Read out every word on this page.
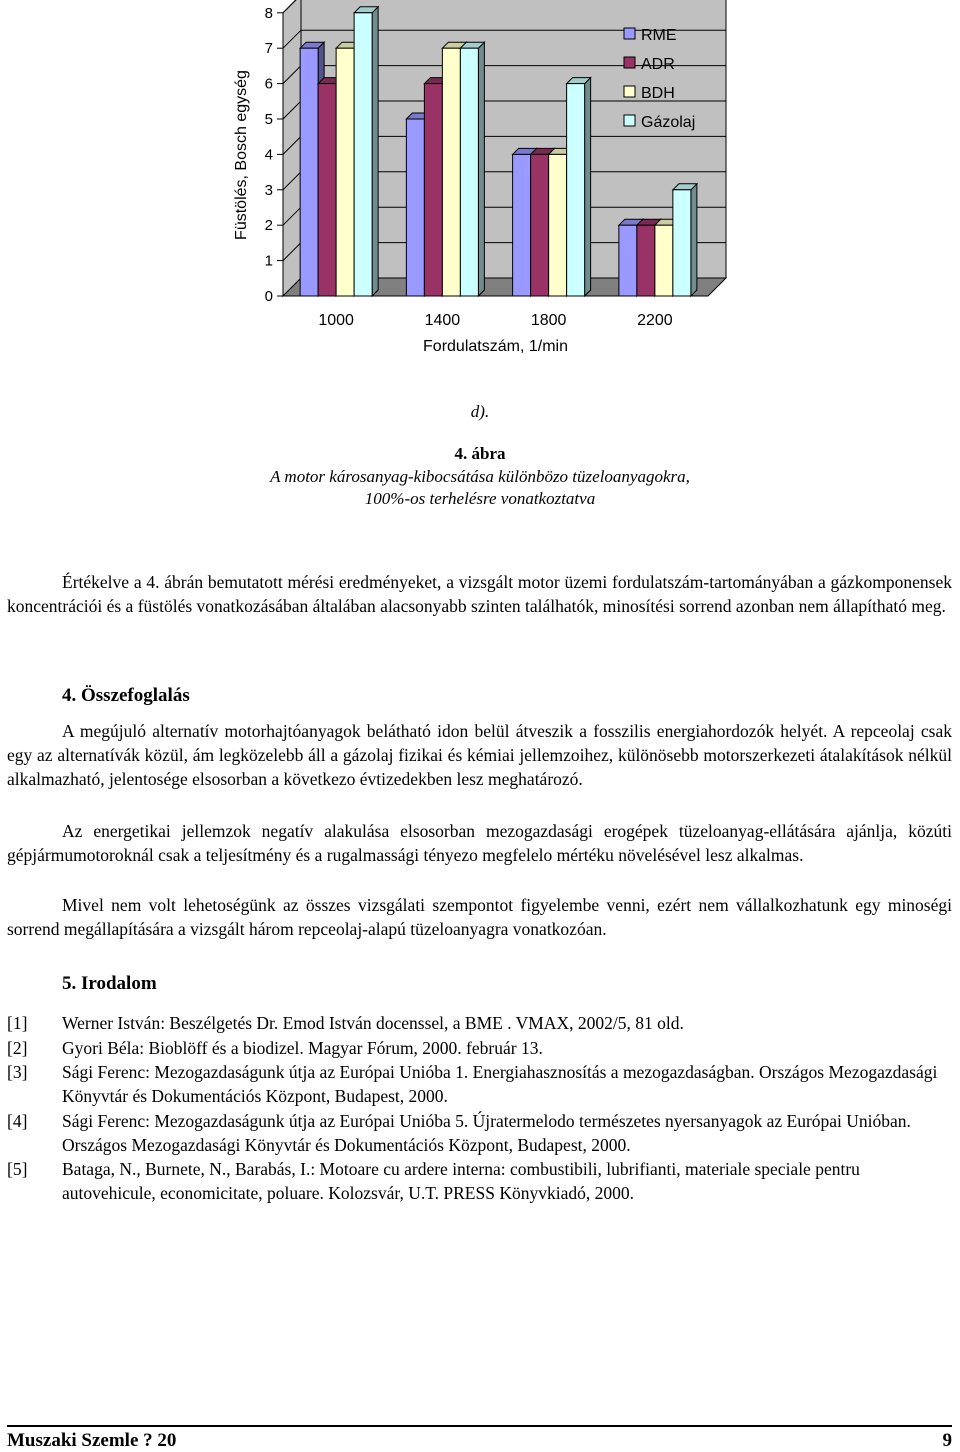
0
1
2
3
4
5
6
7
8
1000	1400	1800	2200
Fordulatszám, 1/min
Füstölés, Bosch egység
RME
ADR
BDH
Gázolaj
d).
4. ábra
A motor károsanyag-kibocsátása különbözo tüzeloanyagokra,
100%-os terhelésre vonatkoztatva
Értékelve a 4. ábrán bemutatott mérési eredményeket, a vizsgált motor üzemi fordulatszám-tartományában a gázkomponensek koncentrációi és a füstölés vonatkozásában általában alacsonyabb szinten találhatók, minosítési sorrend azonban nem állapítható meg.
4. Összefoglalás
A megújuló alternatív motorhajtóanyagok belátható idon belül átveszik a fosszilis energiahordozók helyét. A repceolaj csak egy az alternatívák közül, ám legközelebb áll a gázolaj fizikai és kémiai jellemzoihez, különösebb motorszerkezeti átalakítások nélkül alkalmazható, jelentosége elsosorban a következo évtizedekben lesz meghatározó.
Az energetikai jellemzok negatív alakulása elsosorban mezogazdasági erogépek tüzeloanyag-ellátására ajánlja, közúti gépjármumotoroknál csak a teljesítmény és a rugalmassági tényezo megfelelo mértéku növelésével lesz alkalmas.
Mivel nem volt lehetoségünk az összes vizsgálati szempontot figyelembe venni, ezért nem vállalkozhatunk egy minoségi sorrend megállapítására a vizsgált három repceolaj-alapú tüzeloanyagra vonatkozóan.
5. Irodalom
[1] Werner István: Beszélgetés Dr. Emod István docenssel, a BME . VMAX, 2002/5, 81 old.
[2] Gyori Béla: Bioblöff és a biodizel. Magyar Fórum, 2000. február 13.
[3] Sági Ferenc: Mezogazdaságunk útja az Európai Unióba 1. Energiahasznosítás a mezogazdaságban. Országos Mezogazdasági Könyvtár és Dokumentációs Központ, Budapest, 2000.
[4] Sági Ferenc: Mezogazdaságunk útja az Európai Unióba 5. Újratermelodo természetes nyersanyagok az Európai Unióban. Országos Mezogazdasági Könyvtár és Dokumentációs Központ, Budapest, 2000.
[5] Bataga, N., Burnete, N., Barabás, I.: Motoare cu ardere interna: combustibili, lubrifianti, materiale speciale pentru autovehicule, economicitate, poluare. Kolozsvár, U.T. PRESS Könyvkiadó, 2000.
Muszaki Szemle ? 20	9
